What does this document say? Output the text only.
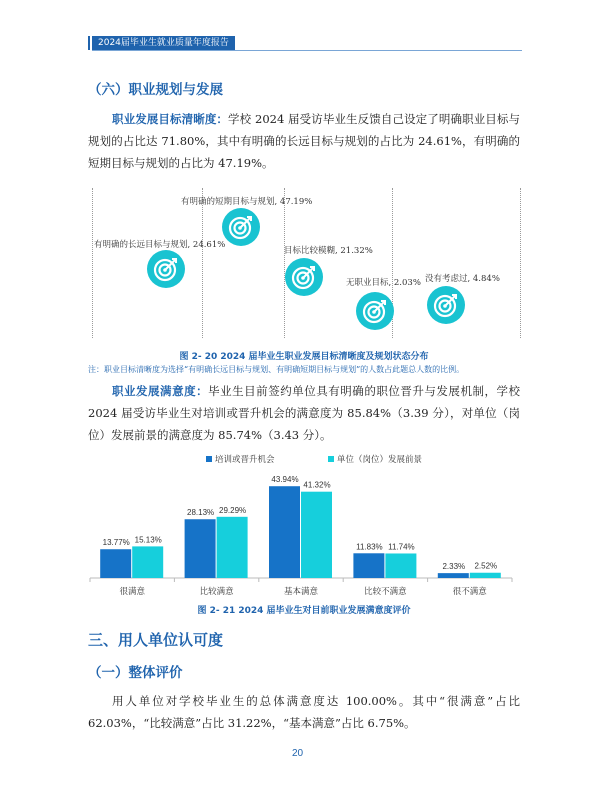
2024届毕业生就业质量年度报告
（六）职业规划与发展
职业发展目标清晰度：学校 2024 届受访毕业生反馈自己设定了明确职业目标与规划的占比达 71.80%，其中有明确的长远目标与规划的占比为 24.61%，有明确的短期目标与规划的占比为 47.19%。
有明确的长远目标与规划, 24.61%
有明确的短期目标与规划, 47.19%
目标比较模糊, 21.32%
无职业目标, 2.03% 没有考虑过, 4.84%
图 2- 20 2024 届毕业生职业发展目标清晰度及规划状态分布
注：职业目标清晰度为选择“有明确长远目标与规划、有明确短期目标与规划”的人数占此题总人数的比例。
职业发展满意度：毕业生目前签约单位具有明确的职位晋升与发展机制，学校 2024 届受访毕业生对培训或晋升机会的满意度为 85.84%（3.39 分），对单位（岗位）发展前景的满意度为 85.74%（3.43 分）。
培训或晋升机会	单位（岗位）发展前景
13.77% 15.13%
很满意
28.13% 29.29%
比较满意
43.94%
41.32%
基本满意
11.83% 11.74%
比较不满意
2.33% 2.52%
很不满意
图 2- 21 2024 届毕业生对目前职业发展满意度评价
三、用人单位认可度
（一）整体评价
用人单位对学校毕业生的总体满意度达 100.00%。其中“很满意”占比 62.03%，“比较满意”占比 31.22%，“基本满意”占比 6.75%。
20
